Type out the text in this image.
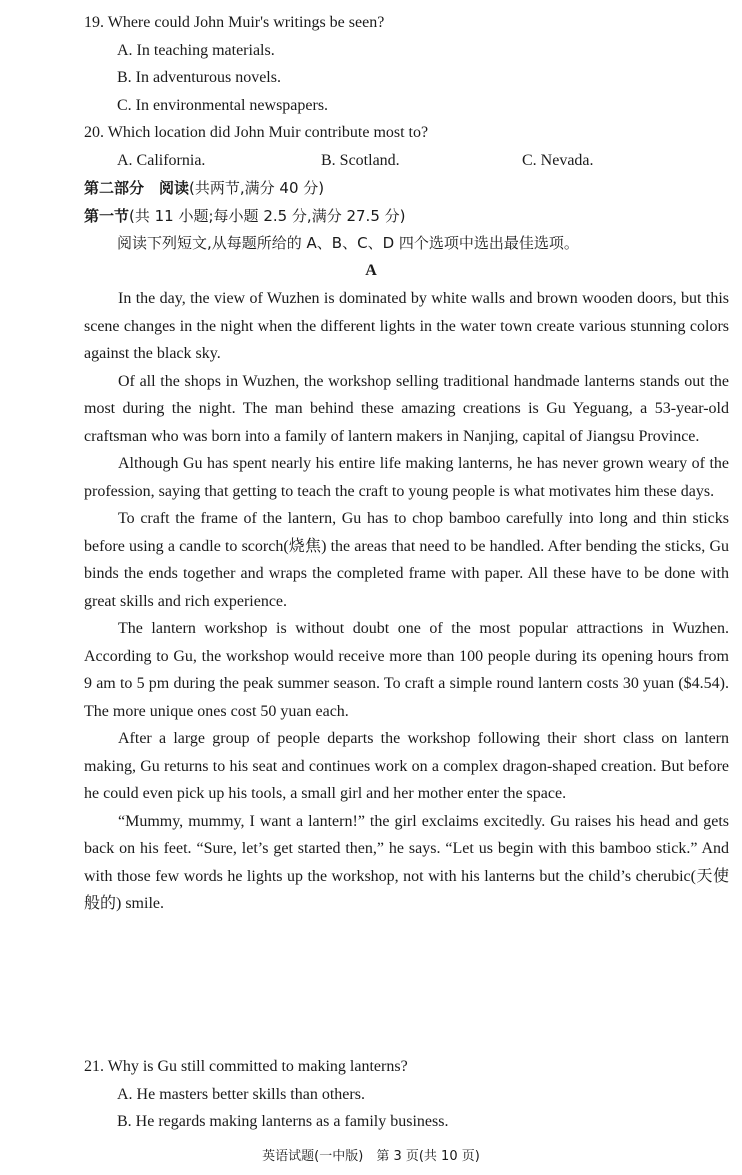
19. Where could John Muir's writings be seen?
A. In teaching materials.
B. In adventurous novels.
C. In environmental newspapers.
20. Which location did John Muir contribute most to?
A. California.	B. Scotland.	C. Nevada.
第二部分　阅读(共两节,满分 40 分)
第一节(共 11 小题;每小题 2.5 分,满分 27.5 分)
阅读下列短文,从每题所给的 A、B、C、D 四个选项中选出最佳选项。
A

In the day, the view of Wuzhen is dominated by white walls and brown wooden doors, but this scene changes in the night when the different lights in the water town create various stunning colors against the black sky.

Of all the shops in Wuzhen, the workshop selling traditional handmade lanterns stands out the most during the night. The man behind these amazing creations is Gu Yeguang, a 53-year-old craftsman who was born into a family of lantern makers in Nanjing, capital of Jiangsu Province.

Although Gu has spent nearly his entire life making lanterns, he has never grown weary of the profession, saying that getting to teach the craft to young people is what motivates him these days.

To craft the frame of the lantern, Gu has to chop bamboo carefully into long and thin sticks before using a candle to scorch(烧焦) the areas that need to be handled. After bending the sticks, Gu binds the ends together and wraps the completed frame with paper. All these have to be done with great skills and rich experience.

The lantern workshop is without doubt one of the most popular attractions in Wuzhen. According to Gu, the workshop would receive more than 100 people during its opening hours from 9 am to 5 pm during the peak summer season. To craft a simple round lantern costs 30 yuan ($4.54). The more unique ones cost 50 yuan each.

After a large group of people departs the workshop following their short class on lantern making, Gu returns to his seat and continues work on a complex dragon-shaped creation. But before he could even pick up his tools, a small girl and her mother enter the space.

“Mummy, mummy, I want a lantern!” the girl exclaims excitedly. Gu raises his head and gets back on his feet. “Sure, let’s get started then,” he says. “Let us begin with this bamboo stick.” And with those few words he lights up the workshop, not with his lanterns but the child’s cherubic(天使般的) smile.

21. Why is Gu still committed to making lanterns?
A. He masters better skills than others.
B. He regards making lanterns as a family business.
英语试题(一中版)　第 3 页(共 10 页)
